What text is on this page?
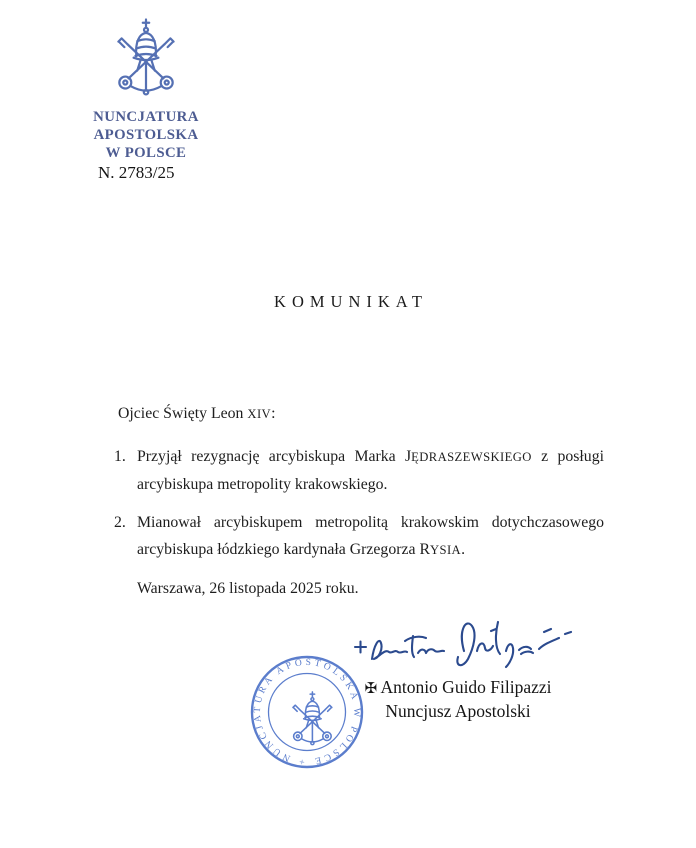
NUNCJATURA APOSTOLSKA
W POLSCE
N. 2783/25
KOMUNIKAT
Ojciec Święty Leon XIV:
1. Przyjął rezygnację arcybiskupa Marka JĘDRASZEWSKIEGO z posługi
arcybiskupa metropolity krakowskiego.
2. Mianował arcybiskupem metropolitą krakowskim dotychczasowego
arcybiskupa łódzkiego kardynała Grzegorza RYSIA.
Warszawa, 26 listopada 2025 roku.
+ NUNCJATURA APOSTOLSKA W POLSCE
✠ Antonio Guido Filipazzi
Nuncjusz Apostolski
